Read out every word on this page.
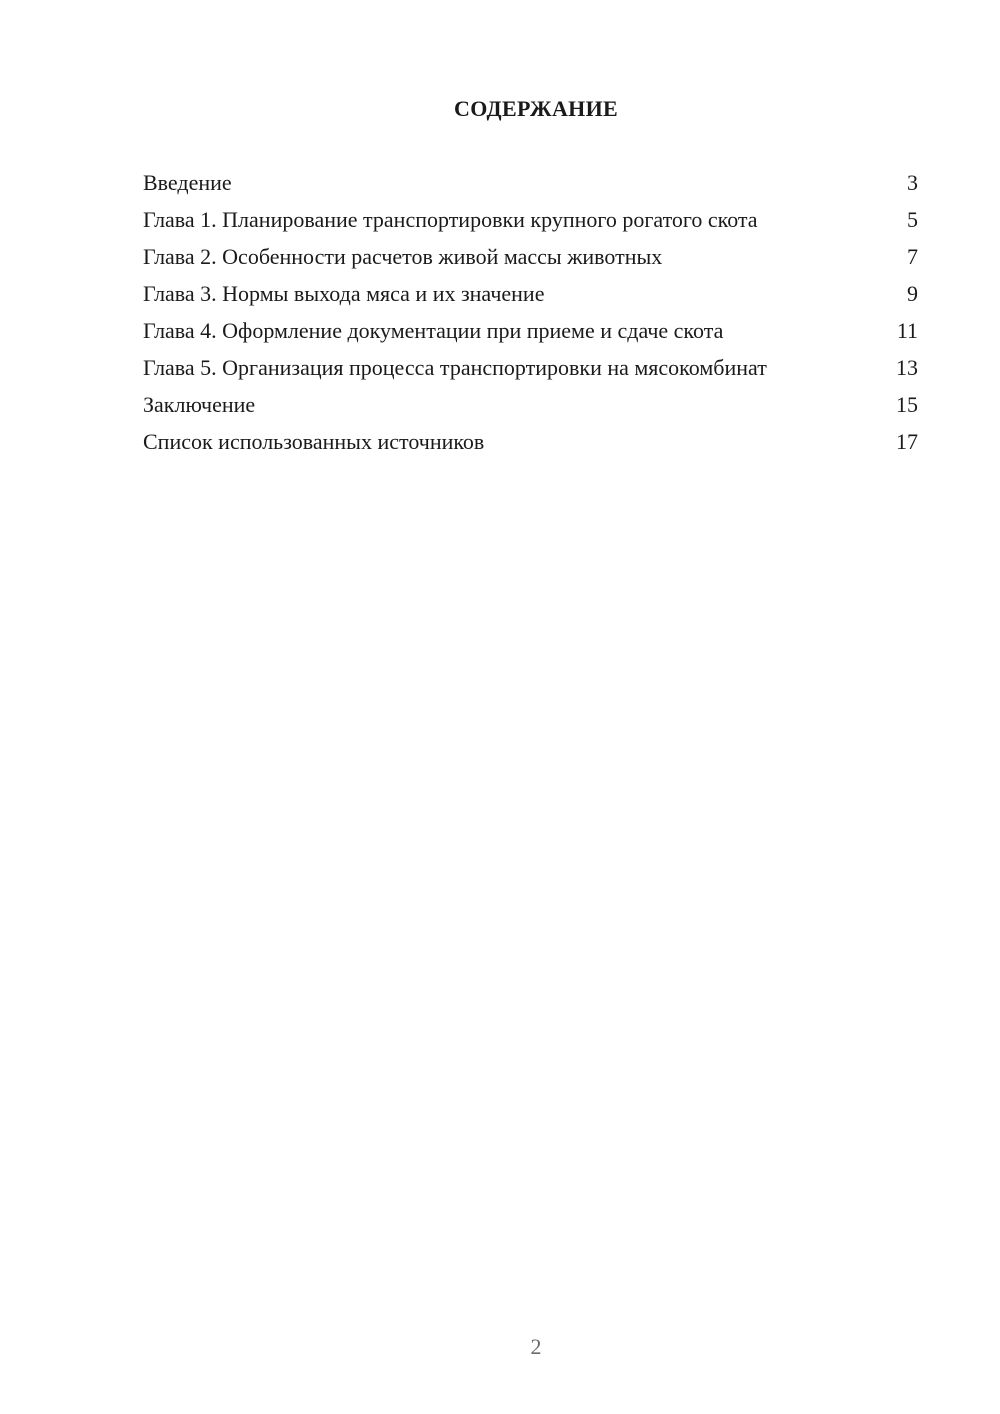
СОДЕРЖАНИЕ
Введение	3
Глава 1. Планирование транспортировки крупного рогатого скота	5
Глава 2. Особенности расчетов живой массы животных	7
Глава 3. Нормы выхода мяса и их значение	9
Глава 4. Оформление документации при приеме и сдаче скота	11
Глава 5. Организация процесса транспортировки на мясокомбинат	13
Заключение	15
Список использованных источников	17
2
